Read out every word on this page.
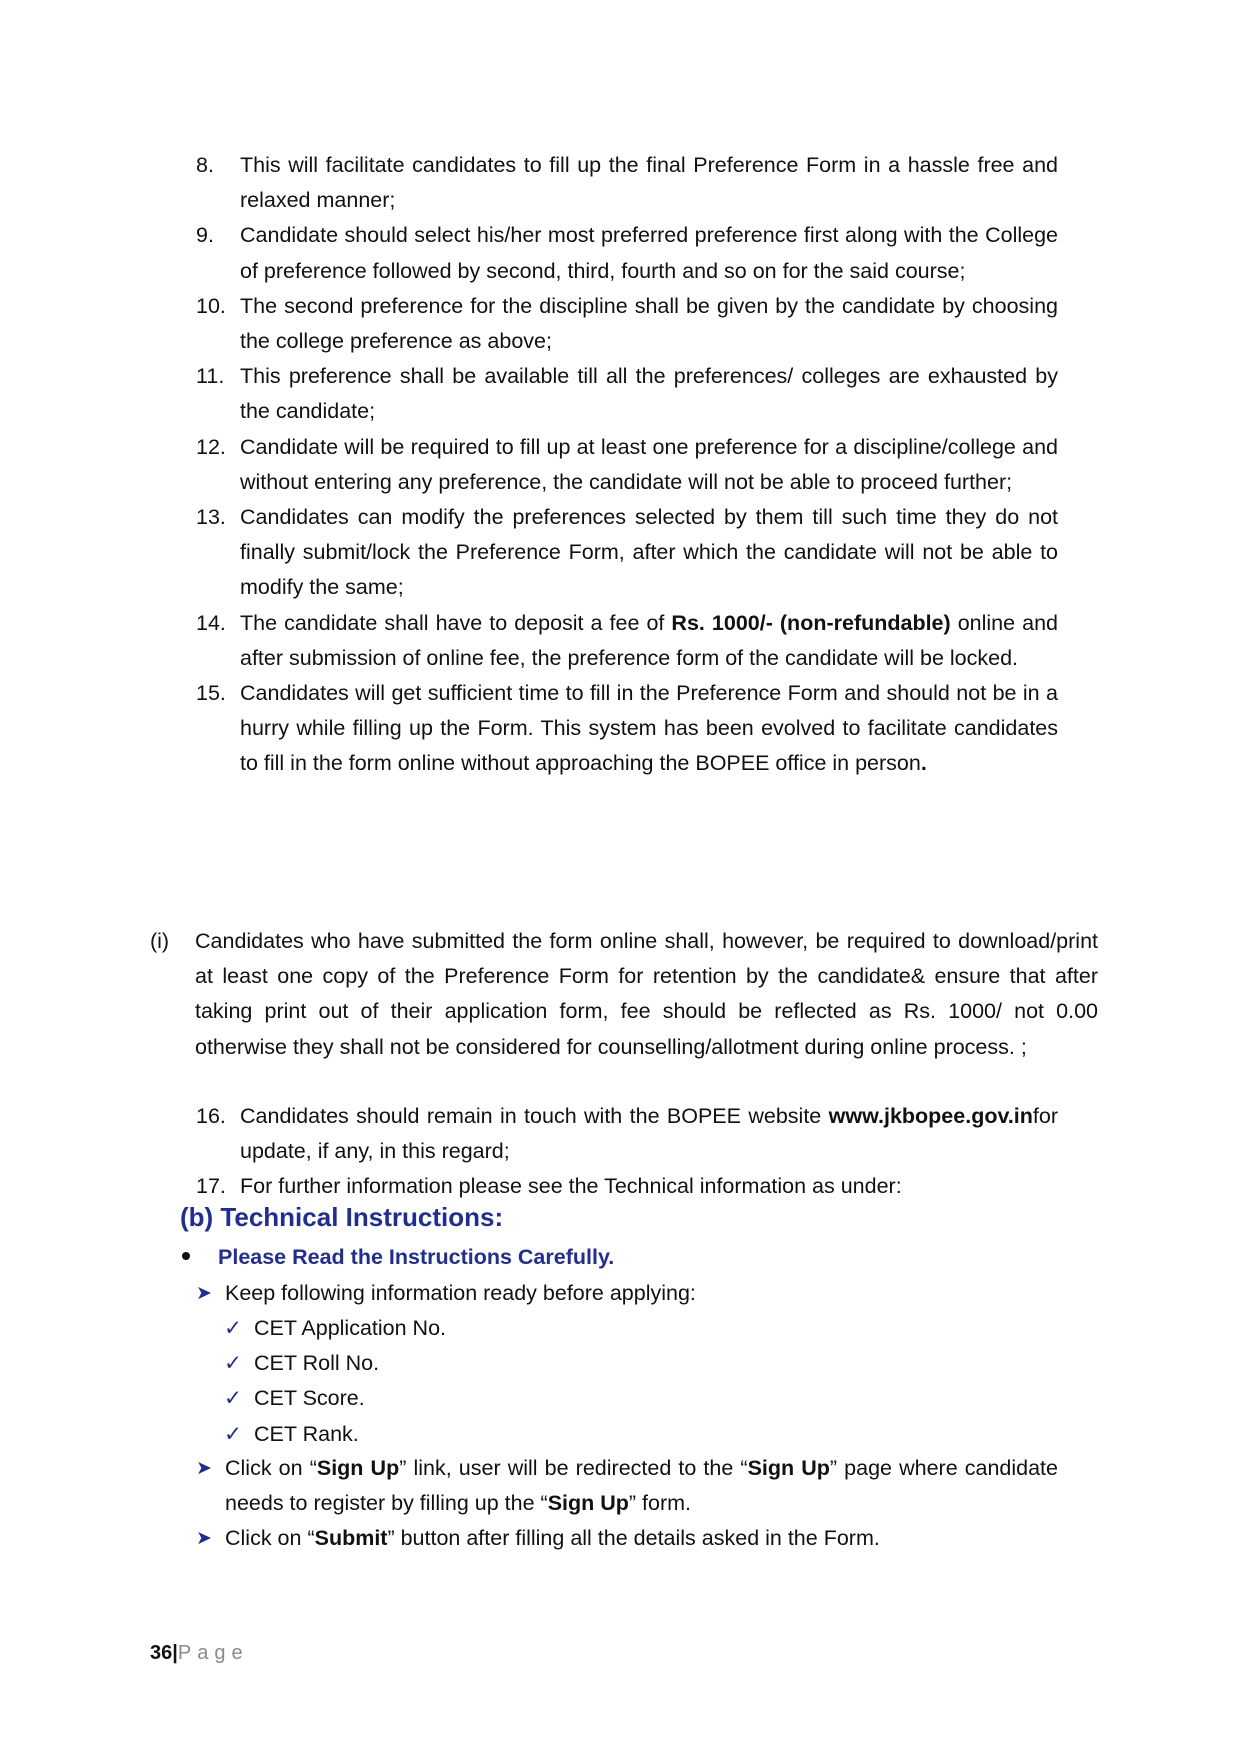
8. This will facilitate candidates to fill up the final Preference Form in a hassle free and relaxed manner;
9. Candidate should select his/her most preferred preference first along with the College of preference followed by second, third, fourth and so on for the said course;
10. The second preference for the discipline shall be given by the candidate by choosing the college preference as above;
11. This preference shall be available till all the preferences/ colleges are exhausted by the candidate;
12. Candidate will be required to fill up at least one preference for a discipline/college and without entering any preference, the candidate will not be able to proceed further;
13. Candidates can modify the preferences selected by them till such time they do not finally submit/lock the Preference Form, after which the candidate will not be able to modify the same;
14. The candidate shall have to deposit a fee of Rs. 1000/- (non-refundable) online and after submission of online fee, the preference form of the candidate will be locked.
15. Candidates will get sufficient time to fill in the Preference Form and should not be in a hurry while filling up the Form. This system has been evolved to facilitate candidates to fill in the form online without approaching the BOPEE office in person.
(i) Candidates who have submitted the form online shall, however, be required to download/print at least one copy of the Preference Form for retention by the candidate& ensure that after taking print out of their application form, fee should be reflected as Rs. 1000/ not 0.00 otherwise they shall not be considered for counselling/allotment during online process. ;
16. Candidates should remain in touch with the BOPEE website www.jkbopee.gov.infor update, if any, in this regard;
17. For further information please see the Technical information as under:
(b) Technical Instructions:
Please Read the Instructions Carefully.
➤ Keep following information ready before applying:
✓ CET Application No.
✓ CET Roll No.
✓ CET Score.
✓ CET Rank.
➤ Click on “Sign Up” link, user will be redirected to the “Sign Up” page where candidate needs to register by filling up the “Sign Up” form.
➤ Click on “Submit” button after filling all the details asked in the Form.
36|Page
